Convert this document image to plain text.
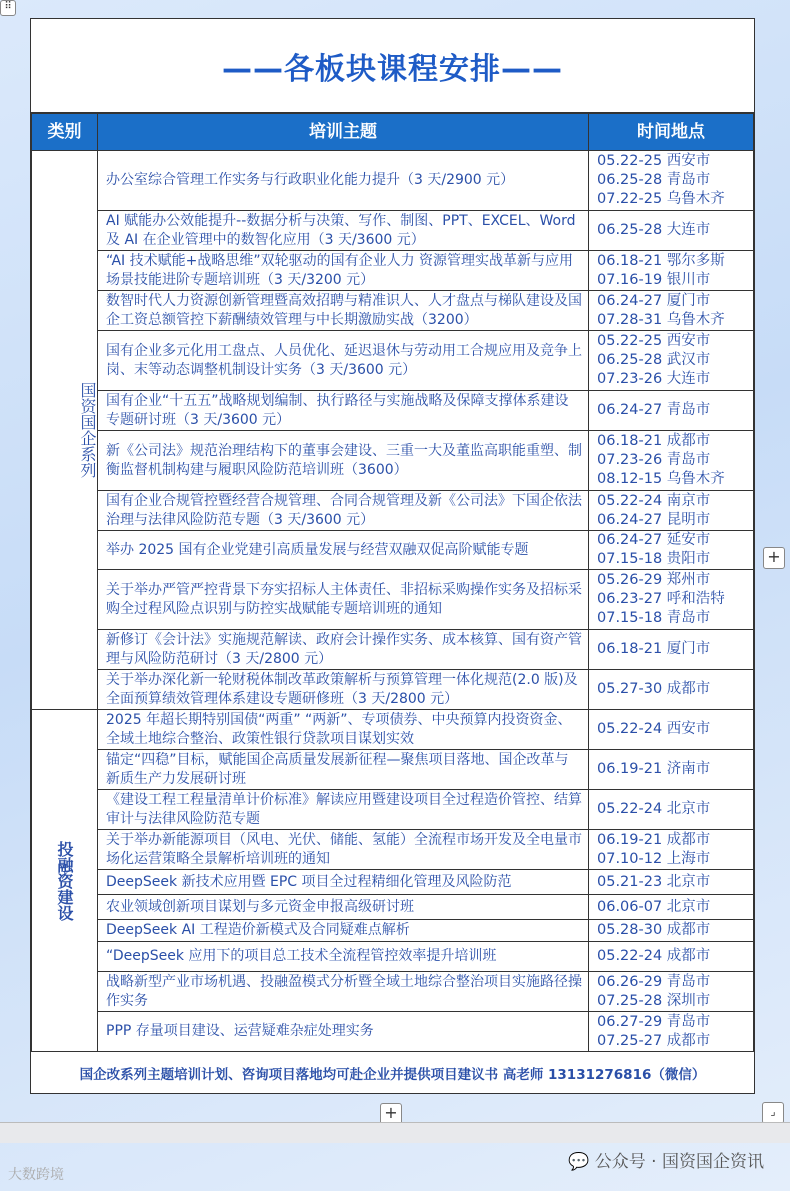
——各板块课程安排——
类别	培训主题	时间地点
国资国企系列	办公室综合管理工作实务与行政职业化能力提升（3 天/2900 元）	05.22-25 西安市
06.25-28 青岛市
07.22-25 乌鲁木齐
	AI 赋能办公效能提升--数据分析与决策、写作、制图、PPT、EXCEL、Word 及 AI 在企业管理中的数智化应用（3 天/3600 元）	06.25-28 大连市
	“AI 技术赋能+战略思维”双轮驱动的国有企业人力 资源管理实战革新与应用场景技能进阶专题培训班（3 天/3200 元）	06.18-21 鄂尔多斯
07.16-19 银川市
	数智时代人力资源创新管理暨高效招聘与精准识人、人才盘点与梯队建设及国企工资总额管控下薪酬绩效管理与中长期激励实战（3200）	06.24-27 厦门市
07.28-31 乌鲁木齐
	国有企业多元化用工盘点、人员优化、延迟退休与劳动用工合规应用及竞争上岗、末等动态调整机制设计实务（3 天/3600 元）	05.22-25 西安市
06.25-28 武汉市
07.23-26 大连市
	国有企业“十五五”战略规划编制、执行路径与实施战略及保障支撑体系建设专题研讨班（3 天/3600 元）	06.24-27 青岛市
	新《公司法》规范治理结构下的董事会建设、三重一大及董监高职能重塑、制衡监督机制构建与履职风险防范培训班（3600）	06.18-21 成都市
07.23-26 青岛市
08.12-15 乌鲁木齐
	国有企业合规管控暨经营合规管理、合同合规管理及新《公司法》下国企依法治理与法律风险防范专题（3 天/3600 元）	05.22-24 南京市
06.24-27 昆明市
	举办 2025 国有企业党建引高质量发展与经营双融双促高阶赋能专题	06.24-27 延安市
07.15-18 贵阳市
	关于举办严管严控背景下夯实招标人主体责任、非招标采购操作实务及招标采购全过程风险点识别与防控实战赋能专题培训班的通知	05.26-29 郑州市
06.23-27 呼和浩特
07.15-18 青岛市
	新修订《会计法》实施规范解读、政府会计操作实务、成本核算、国有资产管理与风险防范研讨（3 天/2800 元）	06.18-21 厦门市
	关于举办深化新一轮财税体制改革政策解析与预算管理一体化规范(2.0 版)及全面预算绩效管理体系建设专题研修班（3 天/2800 元）	05.27-30 成都市
投融资建设	2025 年超长期特别国债“两重” “两新”、专项债券、中央预算内投资资金、全域土地综合整治、政策性银行贷款项目谋划实效	05.22-24 西安市
	锚定“四稳”目标，赋能国企高质量发展新征程—聚焦项目落地、国企改革与新质生产力发展研讨班	06.19-21 济南市
	《建设工程工程量清单计价标准》解读应用暨建设项目全过程造价管控、结算审计与法律风险防范专题	05.22-24 北京市
	关于举办新能源项目（风电、光伏、储能、氢能）全流程市场开发及全电量市场化运营策略全景解析培训班的通知	06.19-21 成都市
07.10-12 上海市
	DeepSeek 新技术应用暨 EPC 项目全过程精细化管理及风险防范	05.21-23 北京市
	农业领域创新项目谋划与多元资金申报高级研讨班	06.06-07 北京市
	DeepSeek AI 工程造价新模式及合同疑难点解析	05.28-30 成都市
	“DeepSeek 应用下的项目总工技术全流程管控效率提升培训班	05.22-24 成都市
	战略新型产业市场机遇、投融盈模式分析暨全域土地综合整治项目实施路径操作实务	06.26-29 青岛市
07.25-28 深圳市
	PPP 存量项目建设、运营疑难杂症处理实务	06.27-29 青岛市
07.25-27 成都市
国企改系列主题培训计划、咨询项目落地均可赴企业并提供项目建议书 高老师 13131276816（微信）
⠿
+
+	⌟
💬 公众号 · 国资国企资讯
大数跨境
